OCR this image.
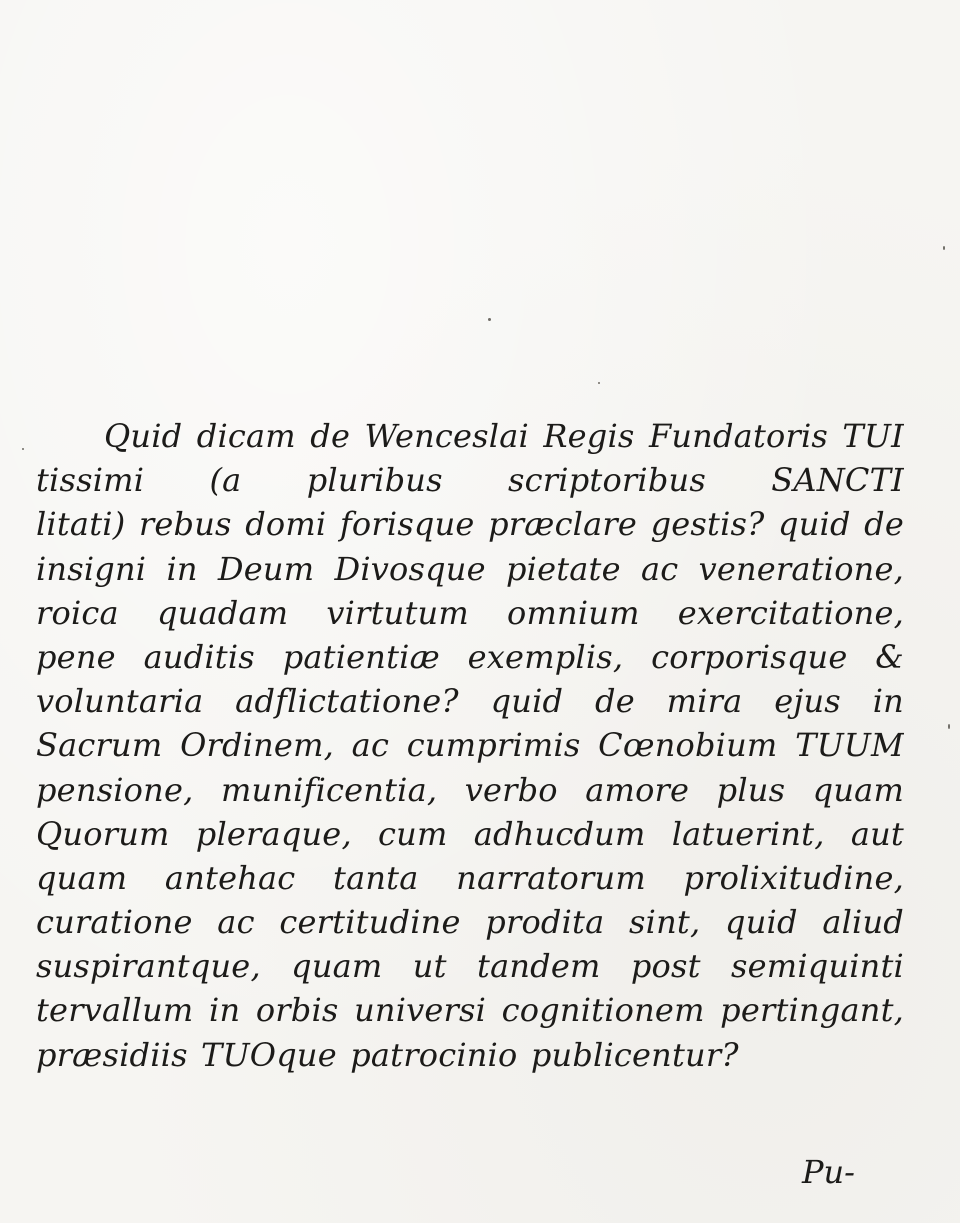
Quid dicam de Wenceslai Regis Fundatoris TUI
tissimi (a pluribus scriptoribus SANCTI
litati) rebus domi forisque præclare gestis? quid de
insigni in Deum Divosque pietate ac veneratione,
roica quadam virtutum omnium exercitatione,
pene auditis patientiæ exemplis, corporisque &
voluntaria adflictatione? quid de mira ejus in
Sacrum Ordinem, ac cumprimis Cœnobium TUUM
pensione, munificentia, verbo amore plus quam
Quorum pleraque, cum adhucdum latuerint, aut
quam antehac tanta narratorum prolixitudine,
curatione ac certitudine prodita sint, quid aliud
suspirantque, quam ut tandem post semiquinti
tervallum in orbis universi cognitionem pertingant,
præsidiis TUOque patrocinio publicentur?
Pu-
